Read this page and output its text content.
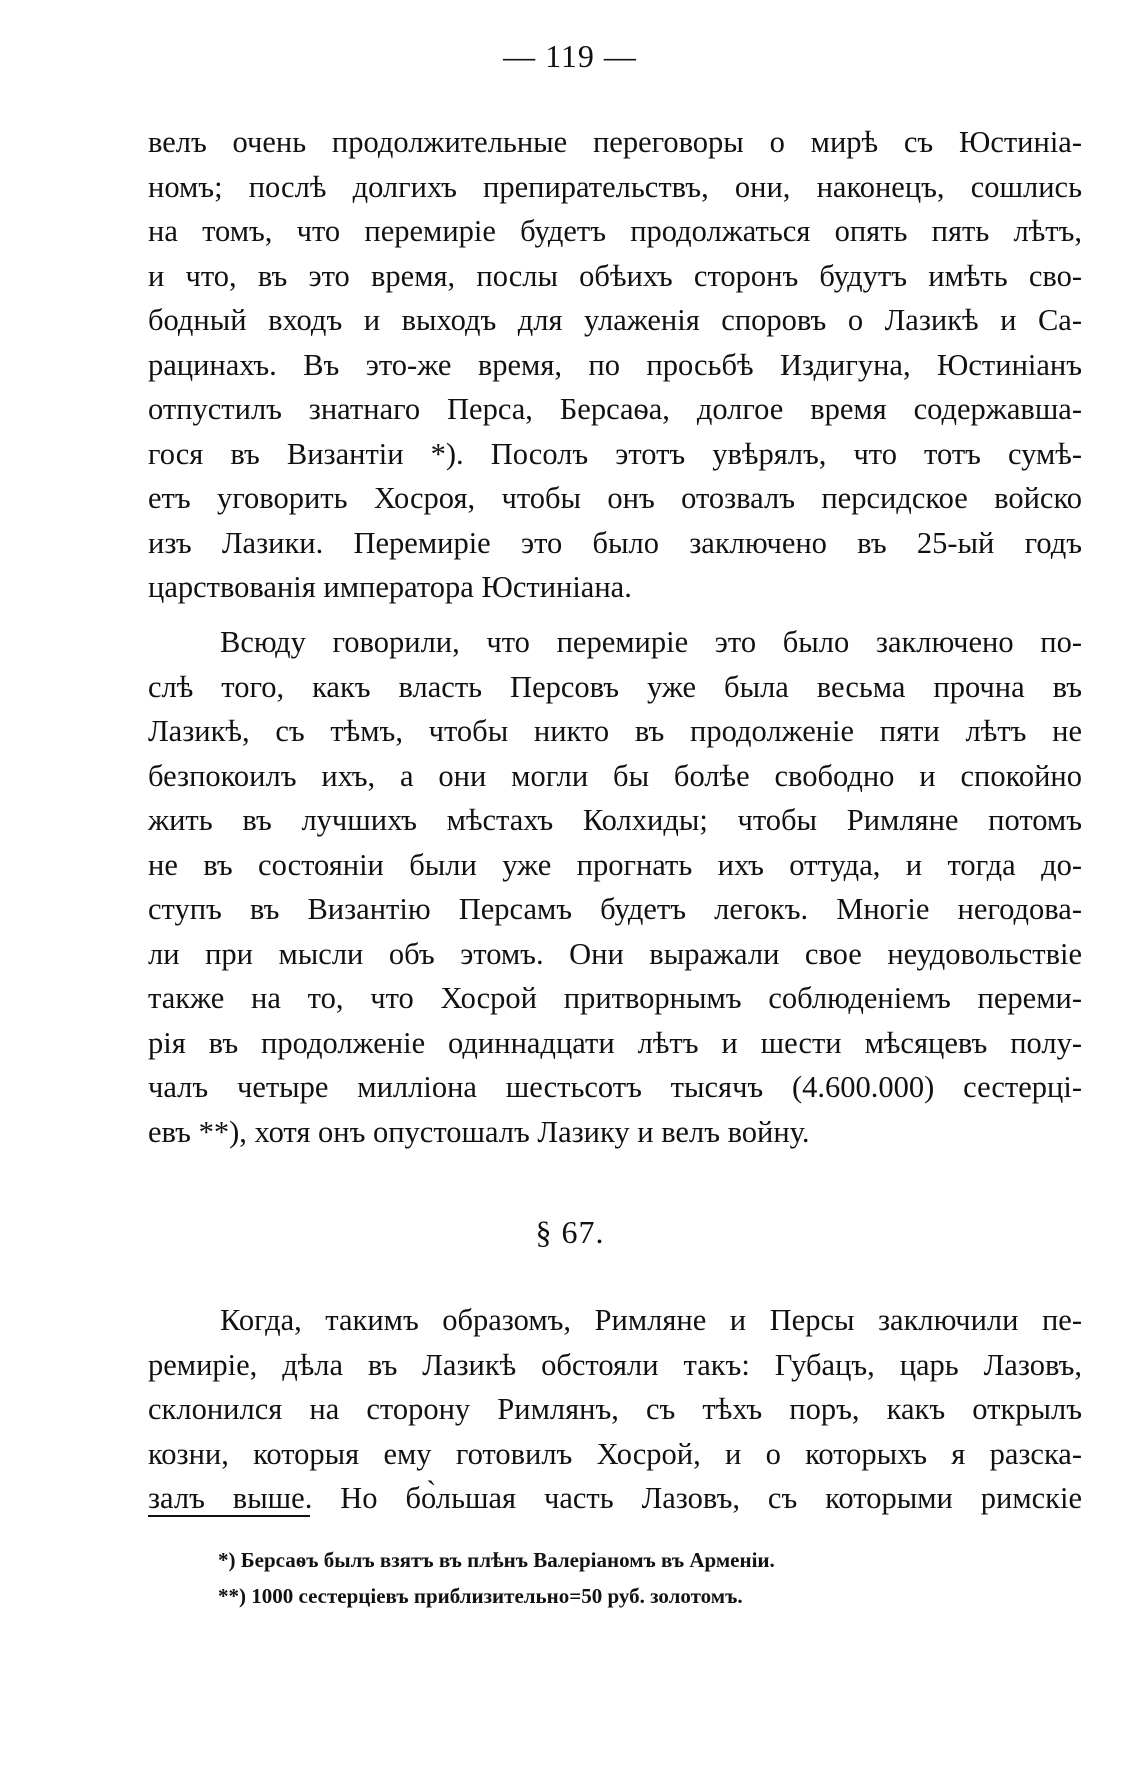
— 119 —
велъ очень продолжительные переговоры о мирѣ съ Юстиніа-
номъ; послѣ долгихъ препирательствъ, они, наконецъ, сошлись
на томъ, что перемиріе будетъ продолжаться опять пять лѣтъ,
и что, въ это время, послы обѣихъ сторонъ будутъ имѣть сво-
бодный входъ и выходъ для улаженія споровъ о Лазикѣ и Са-
рацинахъ. Въ это-же время, по просьбѣ Издигуна, Юстиніанъ
отпустилъ знатнаго Перса, Берсаѳа, долгое время содержавша-
гося въ Византіи *). Посолъ этотъ увѣрялъ, что тотъ сумѣ-
етъ уговорить Хосроя, чтобы онъ отозвалъ персидское войско
изъ Лазики. Перемиріе это было заключено въ 25-ый годъ
царствованія императора Юстиніана.
Всюду говорили, что перемиріе это было заключено по-
слѣ того, какъ власть Персовъ уже была весьма прочна въ
Лазикѣ, съ тѣмъ, чтобы никто въ продолженіе пяти лѣтъ не
безпокоилъ ихъ, а они могли бы болѣе свободно и спокойно
жить въ лучшихъ мѣстахъ Колхиды; чтобы Римляне потомъ
не въ состояніи были уже прогнать ихъ оттуда, и тогда до-
ступъ въ Византію Персамъ будетъ легокъ. Многіе негодова-
ли при мысли объ этомъ. Они выражали свое неудовольствіе
также на то, что Хосрой притворнымъ соблюденіемъ переми-
рія въ продолженіе одиннадцати лѣтъ и шести мѣсяцевъ полу-
чалъ четыре милліона шестьсотъ тысячъ (4.600.000) сестерці-
евъ **), хотя онъ опустошалъ Лазику и велъ войну.
§ 67.
Когда, такимъ образомъ, Римляне и Персы заключили пе-
ремиріе, дѣла въ Лазикѣ обстояли такъ: Губацъ, царь Лазовъ,
склонился на сторону Римлянъ, съ тѣхъ поръ, какъ открылъ
козни, которыя ему готовилъ Хосрой, и о которыхъ я разска-
залъ выше. Но бо̀льшая часть Лазовъ, съ которыми римскіе
*) Берсаѳъ былъ взятъ въ плѣнъ Валеріаномъ въ Арменіи.
**) 1000 сестерціевъ приблизительно=50 руб. золотомъ.
